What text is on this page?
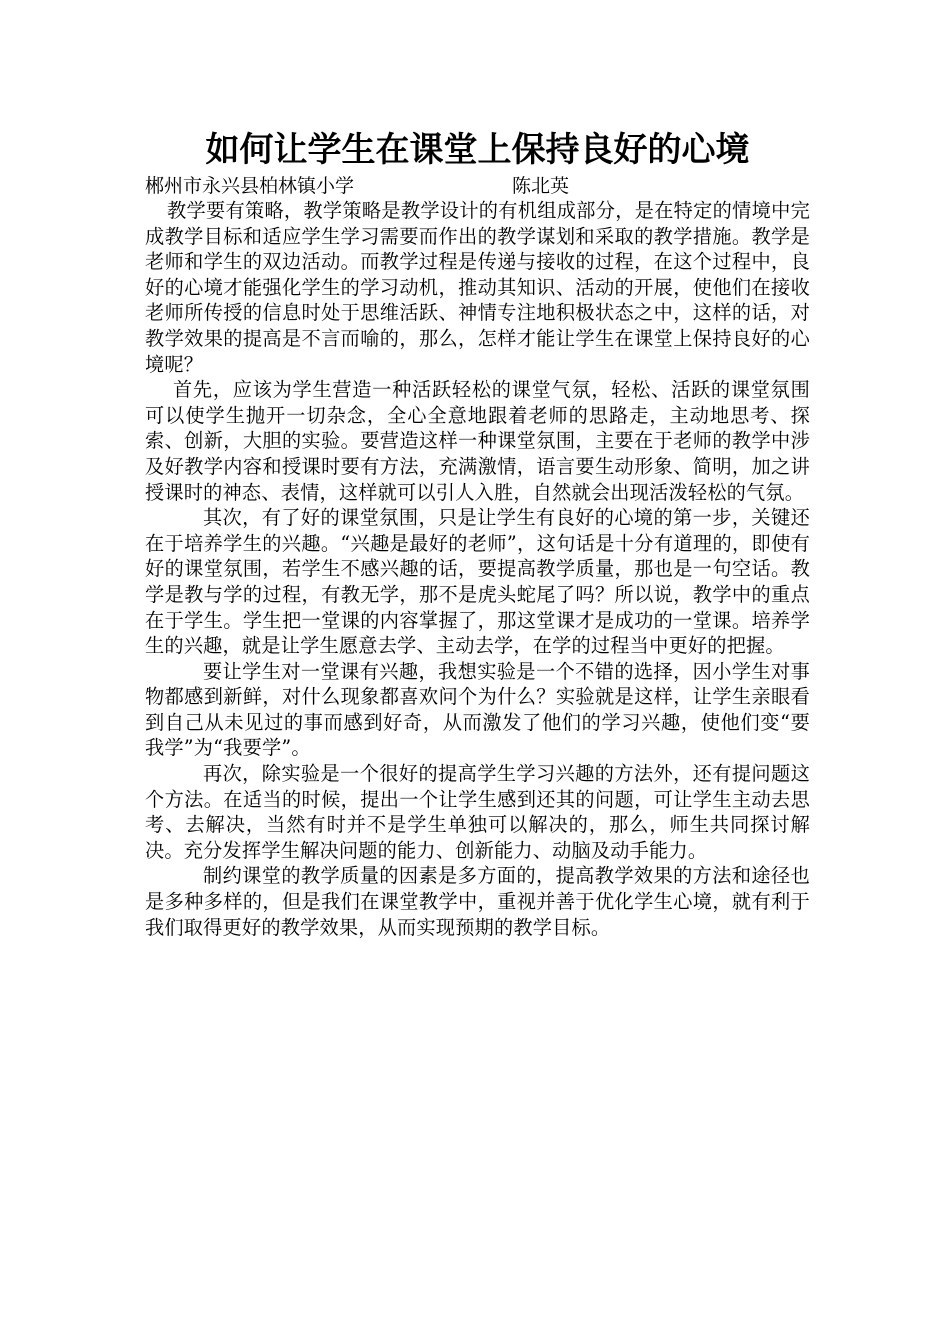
如何让学生在课堂上保持良好的心境
郴州市永兴县柏林镇小学	陈北英

教学要有策略，教学策略是教学设计的有机组成部分，是在特定的情境中完成教学目标和适应学生学习需要而作出的教学谋划和采取的教学措施。教学是老师和学生的双边活动。而教学过程是传递与接收的过程，在这个过程中，良好的心境才能强化学生的学习动机，推动其知识、活动的开展，使他们在接收老师所传授的信息时处于思维活跃、神情专注地积极状态之中，这样的话，对教学效果的提高是不言而喻的，那么，怎样才能让学生在课堂上保持良好的心境呢？

首先，应该为学生营造一种活跃轻松的课堂气氛，轻松、活跃的课堂氛围可以使学生抛开一切杂念，全心全意地跟着老师的思路走，主动地思考、探索、创新，大胆的实验。要营造这样一种课堂氛围，主要在于老师的教学中涉及好教学内容和授课时要有方法，充满激情，语言要生动形象、简明，加之讲授课时的神态、表情，这样就可以引人入胜，自然就会出现活泼轻松的气氛。

其次，有了好的课堂氛围，只是让学生有良好的心境的第一步，关键还在于培养学生的兴趣。“兴趣是最好的老师”，这句话是十分有道理的，即使有好的课堂氛围，若学生不感兴趣的话，要提高教学质量，那也是一句空话。教学是教与学的过程，有教无学，那不是虎头蛇尾了吗？所以说，教学中的重点在于学生。学生把一堂课的内容掌握了，那这堂课才是成功的一堂课。培养学生的兴趣，就是让学生愿意去学、主动去学，在学的过程当中更好的把握。

要让学生对一堂课有兴趣，我想实验是一个不错的选择，因小学生对事物都感到新鲜，对什么现象都喜欢问个为什么？实验就是这样，让学生亲眼看到自己从未见过的事而感到好奇，从而激发了他们的学习兴趣，使他们变“要我学”为“我要学”。

再次，除实验是一个很好的提高学生学习兴趣的方法外，还有提问题这个方法。在适当的时候，提出一个让学生感到还其的问题，可让学生主动去思考、去解决，当然有时并不是学生单独可以解决的，那么，师生共同探讨解决。充分发挥学生解决问题的能力、创新能力、动脑及动手能力。

制约课堂的教学质量的因素是多方面的，提高教学效果的方法和途径也是多种多样的，但是我们在课堂教学中，重视并善于优化学生心境，就有利于我们取得更好的教学效果，从而实现预期的教学目标。
